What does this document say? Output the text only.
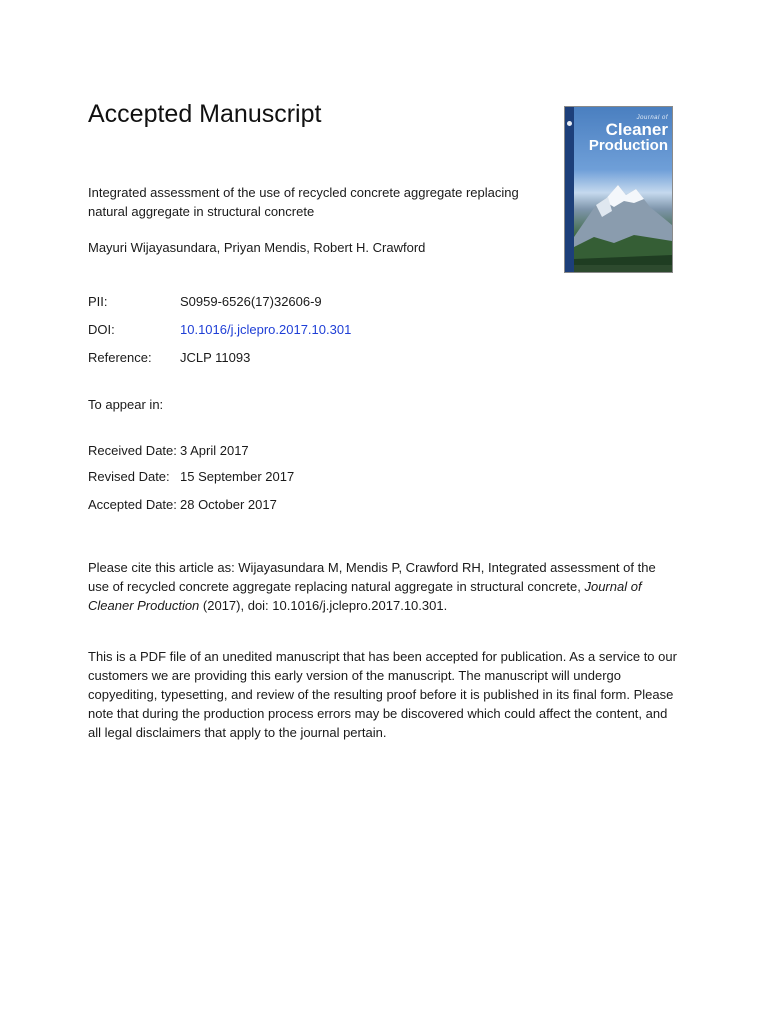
Accepted Manuscript
Integrated assessment of the use of recycled concrete aggregate replacing natural aggregate in structural concrete
Mayuri Wijayasundara, Priyan Mendis, Robert H. Crawford
Journal of
Cleaner
Production
PII:	S0959-6526(17)32606-9
DOI:	10.1016/j.jclepro.2017.10.301
Reference: JCLP 11093
To appear in:
Received Date: 3 April 2017
Revised Date: 15 September 2017
Accepted Date: 28 October 2017
Please cite this article as: Wijayasundara M, Mendis P, Crawford RH, Integrated assessment of the use of recycled concrete aggregate replacing natural aggregate in structural concrete, Journal of Cleaner Production (2017), doi: 10.1016/j.jclepro.2017.10.301.
This is a PDF file of an unedited manuscript that has been accepted for publication. As a service to our customers we are providing this early version of the manuscript. The manuscript will undergo copyediting, typesetting, and review of the resulting proof before it is published in its final form. Please note that during the production process errors may be discovered which could affect the content, and all legal disclaimers that apply to the journal pertain.
